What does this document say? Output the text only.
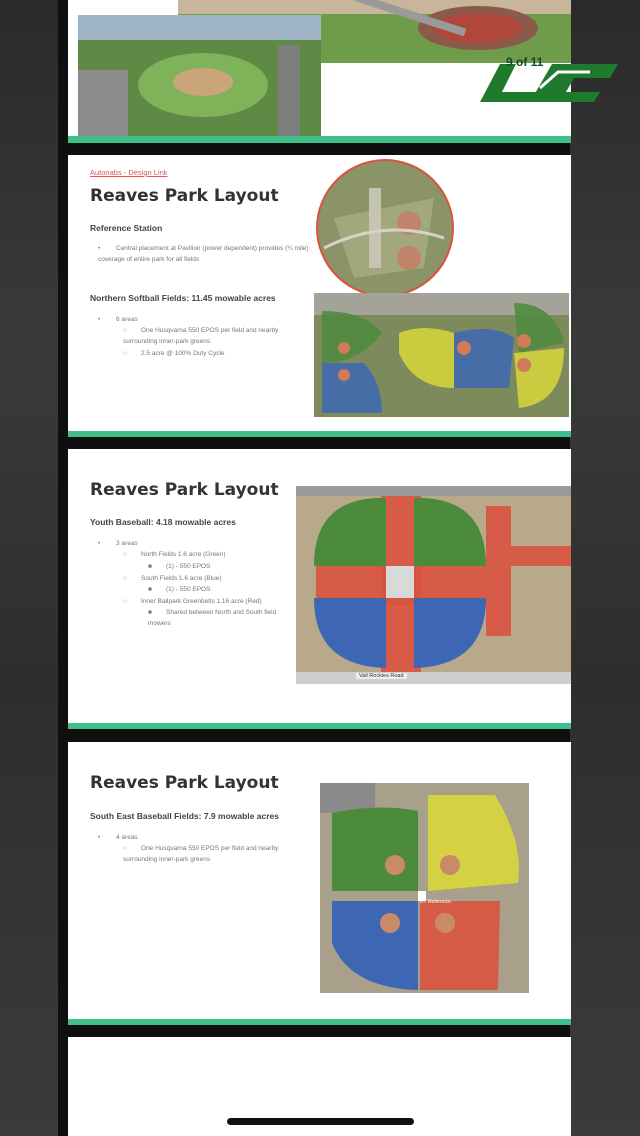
Autonabs - Design Link
Reaves Park Layout
Reference Station
• Central placement at Pavilion (power dependent) provides (¼ mile) coverage of entire park for all fields
Northern Softball Fields: 11.45 mowable acres
• 6 areas
○ One Husqvarna 550 EPOS per field and nearby surrounding inner-park greens
○ 2.5 acre @ 100% Duty Cycle
Reaves Park Layout
Youth Baseball: 4.18 mowable acres
• 3 areas
○ North Fields 1.6 acre (Green)
■ (1) - 550 EPOS
○ South Fields 1.6 acre (Blue)
■ (1) - 550 EPOS
○ Inner Ballpark Greenbelts 1.16 acre (Red)
■ Shared between North and South field mowers
Vail Rockies Road
Reaves Park Layout
South East Baseball Fields: 7.9 mowable acres
• 4 areas
○ One Husqvarna 550 EPOS per field and nearby surrounding inner-park greens
RT Reference
9 of 11
